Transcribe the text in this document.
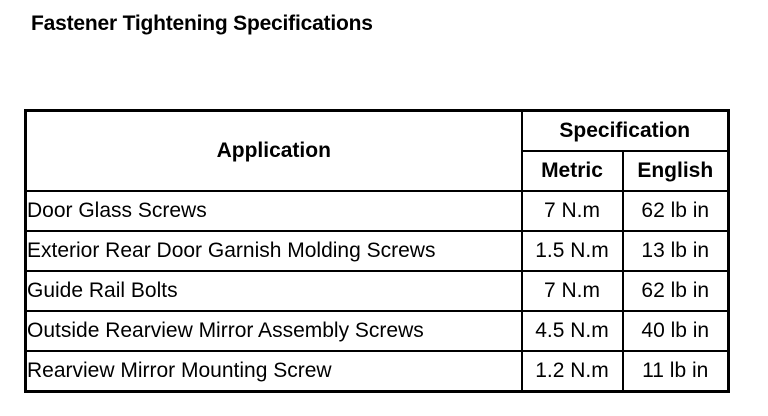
Fastener Tightening Specifications
Application	Specification	
	Metric	English
Door Glass Screws	7 N.m	62 lb in
Exterior Rear Door Garnish Molding Screws	1.5 N.m	13 lb in
Guide Rail Bolts	7 N.m	62 lb in
Outside Rearview Mirror Assembly Screws	4.5 N.m	40 lb in
Rearview Mirror Mounting Screw	1.2 N.m	11 lb in
